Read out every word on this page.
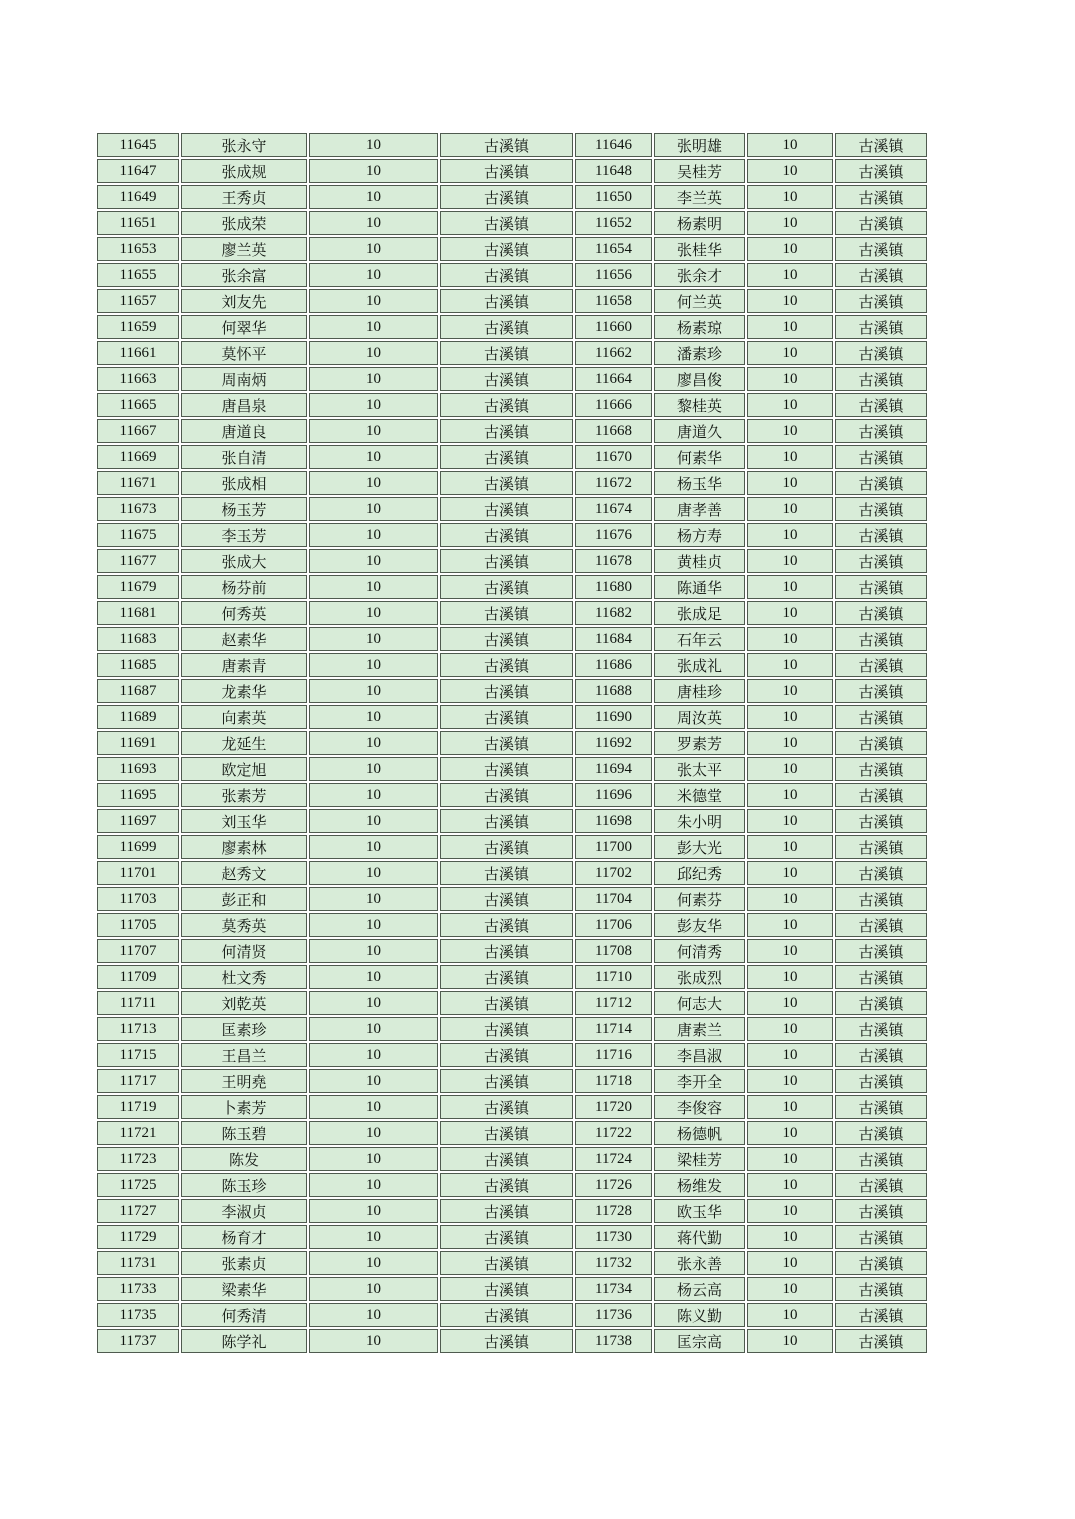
11645	张永守	10	古溪镇	11646	张明雄	10	古溪镇
11647	张成规	10	古溪镇	11648	吴桂芳	10	古溪镇
11649	王秀贞	10	古溪镇	11650	李兰英	10	古溪镇
11651	张成荣	10	古溪镇	11652	杨素明	10	古溪镇
11653	廖兰英	10	古溪镇	11654	张桂华	10	古溪镇
11655	张余富	10	古溪镇	11656	张余才	10	古溪镇
11657	刘友先	10	古溪镇	11658	何兰英	10	古溪镇
11659	何翠华	10	古溪镇	11660	杨素琼	10	古溪镇
11661	莫怀平	10	古溪镇	11662	潘素珍	10	古溪镇
11663	周南炳	10	古溪镇	11664	廖昌俊	10	古溪镇
11665	唐昌泉	10	古溪镇	11666	黎桂英	10	古溪镇
11667	唐道良	10	古溪镇	11668	唐道久	10	古溪镇
11669	张自清	10	古溪镇	11670	何素华	10	古溪镇
11671	张成相	10	古溪镇	11672	杨玉华	10	古溪镇
11673	杨玉芳	10	古溪镇	11674	唐孝善	10	古溪镇
11675	李玉芳	10	古溪镇	11676	杨方寿	10	古溪镇
11677	张成大	10	古溪镇	11678	黄桂贞	10	古溪镇
11679	杨芬前	10	古溪镇	11680	陈通华	10	古溪镇
11681	何秀英	10	古溪镇	11682	张成足	10	古溪镇
11683	赵素华	10	古溪镇	11684	石年云	10	古溪镇
11685	唐素青	10	古溪镇	11686	张成礼	10	古溪镇
11687	龙素华	10	古溪镇	11688	唐桂珍	10	古溪镇
11689	向素英	10	古溪镇	11690	周汝英	10	古溪镇
11691	龙延生	10	古溪镇	11692	罗素芳	10	古溪镇
11693	欧定旭	10	古溪镇	11694	张太平	10	古溪镇
11695	张素芳	10	古溪镇	11696	米德堂	10	古溪镇
11697	刘玉华	10	古溪镇	11698	朱小明	10	古溪镇
11699	廖素林	10	古溪镇	11700	彭大光	10	古溪镇
11701	赵秀文	10	古溪镇	11702	邱纪秀	10	古溪镇
11703	彭正和	10	古溪镇	11704	何素芬	10	古溪镇
11705	莫秀英	10	古溪镇	11706	彭友华	10	古溪镇
11707	何清贤	10	古溪镇	11708	何清秀	10	古溪镇
11709	杜文秀	10	古溪镇	11710	张成烈	10	古溪镇
11711	刘乾英	10	古溪镇	11712	何志大	10	古溪镇
11713	匡素珍	10	古溪镇	11714	唐素兰	10	古溪镇
11715	王昌兰	10	古溪镇	11716	李昌淑	10	古溪镇
11717	王明堯	10	古溪镇	11718	李开全	10	古溪镇
11719	卜素芳	10	古溪镇	11720	李俊容	10	古溪镇
11721	陈玉碧	10	古溪镇	11722	杨德帆	10	古溪镇
11723	陈发	10	古溪镇	11724	梁桂芳	10	古溪镇
11725	陈玉珍	10	古溪镇	11726	杨维发	10	古溪镇
11727	李淑贞	10	古溪镇	11728	欧玉华	10	古溪镇
11729	杨育才	10	古溪镇	11730	蒋代勤	10	古溪镇
11731	张素贞	10	古溪镇	11732	张永善	10	古溪镇
11733	梁素华	10	古溪镇	11734	杨云高	10	古溪镇
11735	何秀清	10	古溪镇	11736	陈义勤	10	古溪镇
11737	陈学礼	10	古溪镇	11738	匡宗高	10	古溪镇
